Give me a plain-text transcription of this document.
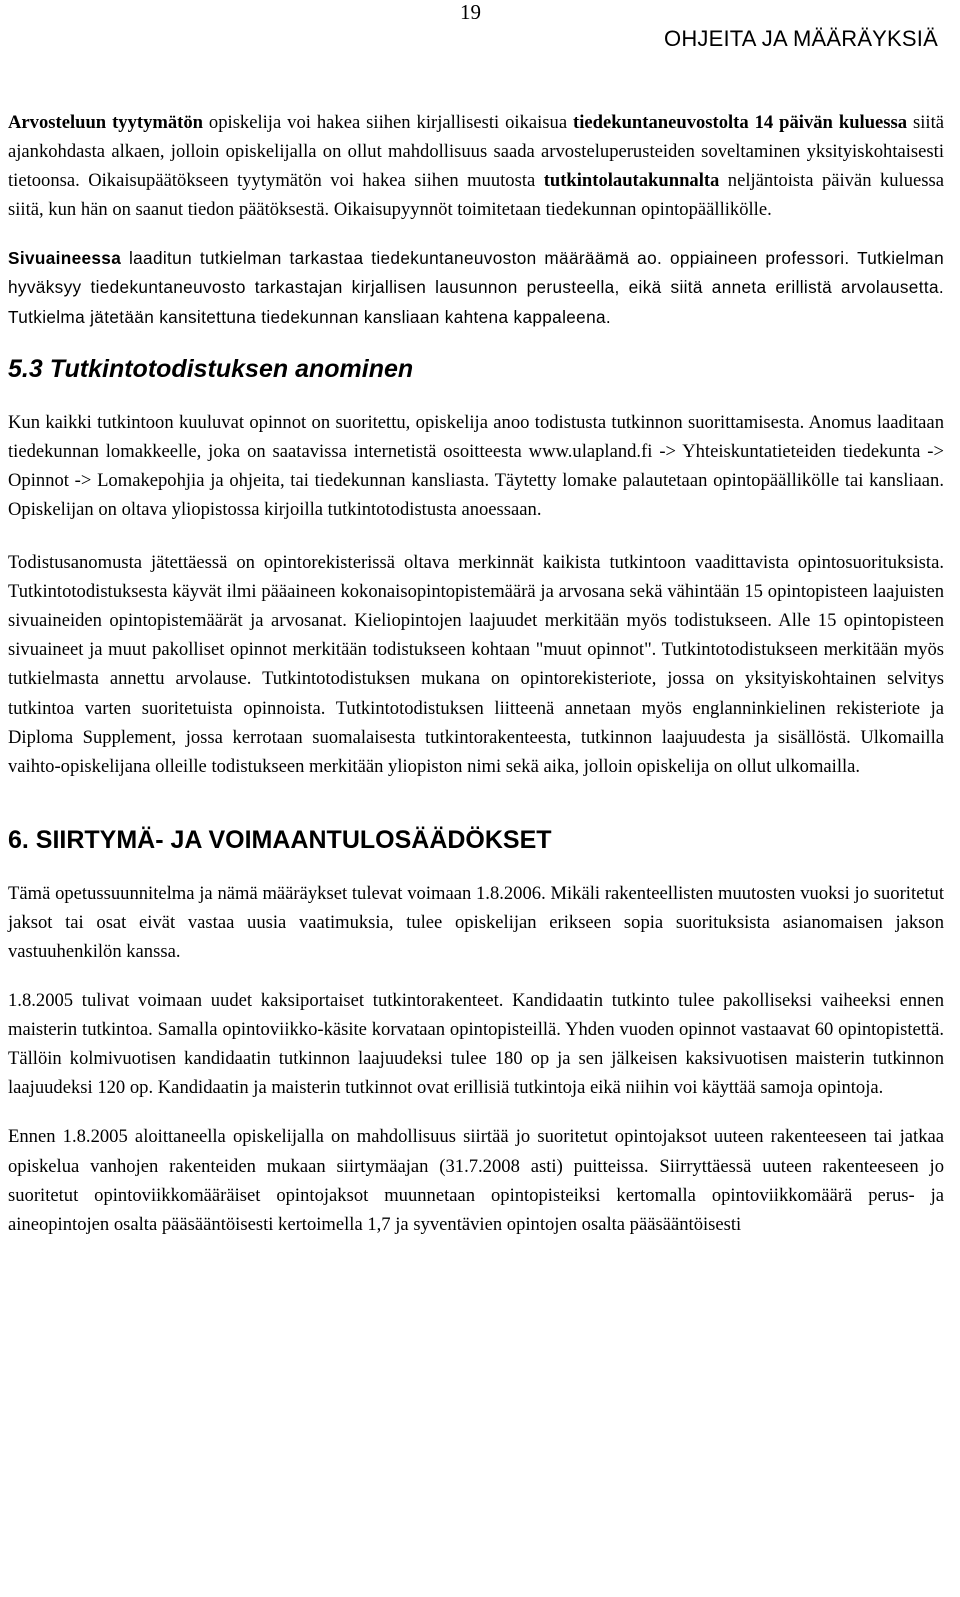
19
OHJEITA JA MÄÄRÄYKSIÄ

Arvosteluun tyytymätön opiskelija voi hakea siihen kirjallisesti oikaisua tiedekuntaneuvostolta 14 päivän kuluessa siitä ajankohdasta alkaen, jolloin opiskelijalla on ollut mahdollisuus saada arvosteluperusteiden soveltaminen yksityiskohtaisesti tietoonsa. Oikaisupäätökseen tyytymätön voi hakea siihen muutosta tutkintolautakunnalta neljäntoista päivän kuluessa siitä, kun hän on saanut tiedon päätöksestä. Oikaisupyynnöt toimitetaan tiedekunnan opintopäällikölle.

Sivuaineessa laaditun tutkielman tarkastaa tiedekuntaneuvoston määräämä ao. oppiaineen professori. Tutkielman hyväksyy tiedekuntaneuvosto tarkastajan kirjallisen lausunnon perusteella, eikä siitä anneta erillistä arvolausetta. Tutkielma jätetään kansitettuna tiedekunnan kansliaan kahtena kappaleena.

5.3 Tutkintotodistuksen anominen

Kun kaikki tutkintoon kuuluvat opinnot on suoritettu, opiskelija anoo todistusta tutkinnon suorittamisesta. Anomus laaditaan tiedekunnan lomakkeelle, joka on saatavissa internetistä osoitteesta www.ulapland.fi -> Yhteiskuntatieteiden tiedekunta -> Opinnot -> Lomakepohjia ja ohjeita, tai tiedekunnan kansliasta. Täytetty lomake palautetaan opintopäällikölle tai kansliaan. Opiskelijan on oltava yliopistossa kirjoilla tutkintotodistusta anoessaan.

Todistusanomusta jätettäessä on opintorekisterissä oltava merkinnät kaikista tutkintoon vaadittavista opintosuorituksista. Tutkintotodistuksesta käyvät ilmi pääaineen kokonaisopintopistemäärä ja arvosana sekä vähintään 15 opintopisteen laajuisten sivuaineiden opintopistemäärät ja arvosanat. Kieliopintojen laajuudet merkitään myös todistukseen. Alle 15 opintopisteen sivuaineet ja muut pakolliset opinnot merkitään todistukseen kohtaan "muut opinnot". Tutkintotodistukseen merkitään myös tutkielmasta annettu arvolause. Tutkintotodistuksen mukana on opintorekisteriote, jossa on yksityiskohtainen selvitys tutkintoa varten suoritetuista opinnoista. Tutkintotodistuksen liitteenä annetaan myös englanninkielinen rekisteriote ja Diploma Supplement, jossa kerrotaan suomalaisesta tutkintorakenteesta, tutkinnon laajuudesta ja sisällöstä. Ulkomailla vaihto-opiskelijana olleille todistukseen merkitään yliopiston nimi sekä aika, jolloin opiskelija on ollut ulkomailla.

6. SIIRTYMÄ- JA VOIMAANTULOSÄÄDÖKSET

Tämä opetussuunnitelma ja nämä määräykset tulevat voimaan 1.8.2006. Mikäli rakenteellisten muutosten vuoksi jo suoritetut jaksot tai osat eivät vastaa uusia vaatimuksia, tulee opiskelijan erikseen sopia suorituksista asianomaisen jakson vastuuhenkilön kanssa.

1.8.2005 tulivat voimaan uudet kaksiportaiset tutkintorakenteet. Kandidaatin tutkinto tulee pakolliseksi vaiheeksi ennen maisterin tutkintoa. Samalla opintoviikko-käsite korvataan opintopisteillä. Yhden vuoden opinnot vastaavat 60 opintopistettä. Tällöin kolmivuotisen kandidaatin tutkinnon laajuudeksi tulee 180 op ja sen jälkeisen kaksivuotisen maisterin tutkinnon laajuudeksi 120 op. Kandidaatin ja maisterin tutkinnot ovat erillisiä tutkintoja eikä niihin voi käyttää samoja opintoja.

Ennen 1.8.2005 aloittaneella opiskelijalla on mahdollisuus siirtää jo suoritetut opintojaksot uuteen rakenteeseen tai jatkaa opiskelua vanhojen rakenteiden mukaan siirtymäajan (31.7.2008 asti) puitteissa. Siirryttäessä uuteen rakenteeseen jo suoritetut opintoviikkomääräiset opintojaksot muunnetaan opintopisteiksi kertomalla opintoviikkomäärä perus- ja aineopintojen osalta pääsääntöisesti kertoimella 1,7 ja syventävien opintojen osalta pääsääntöisesti
